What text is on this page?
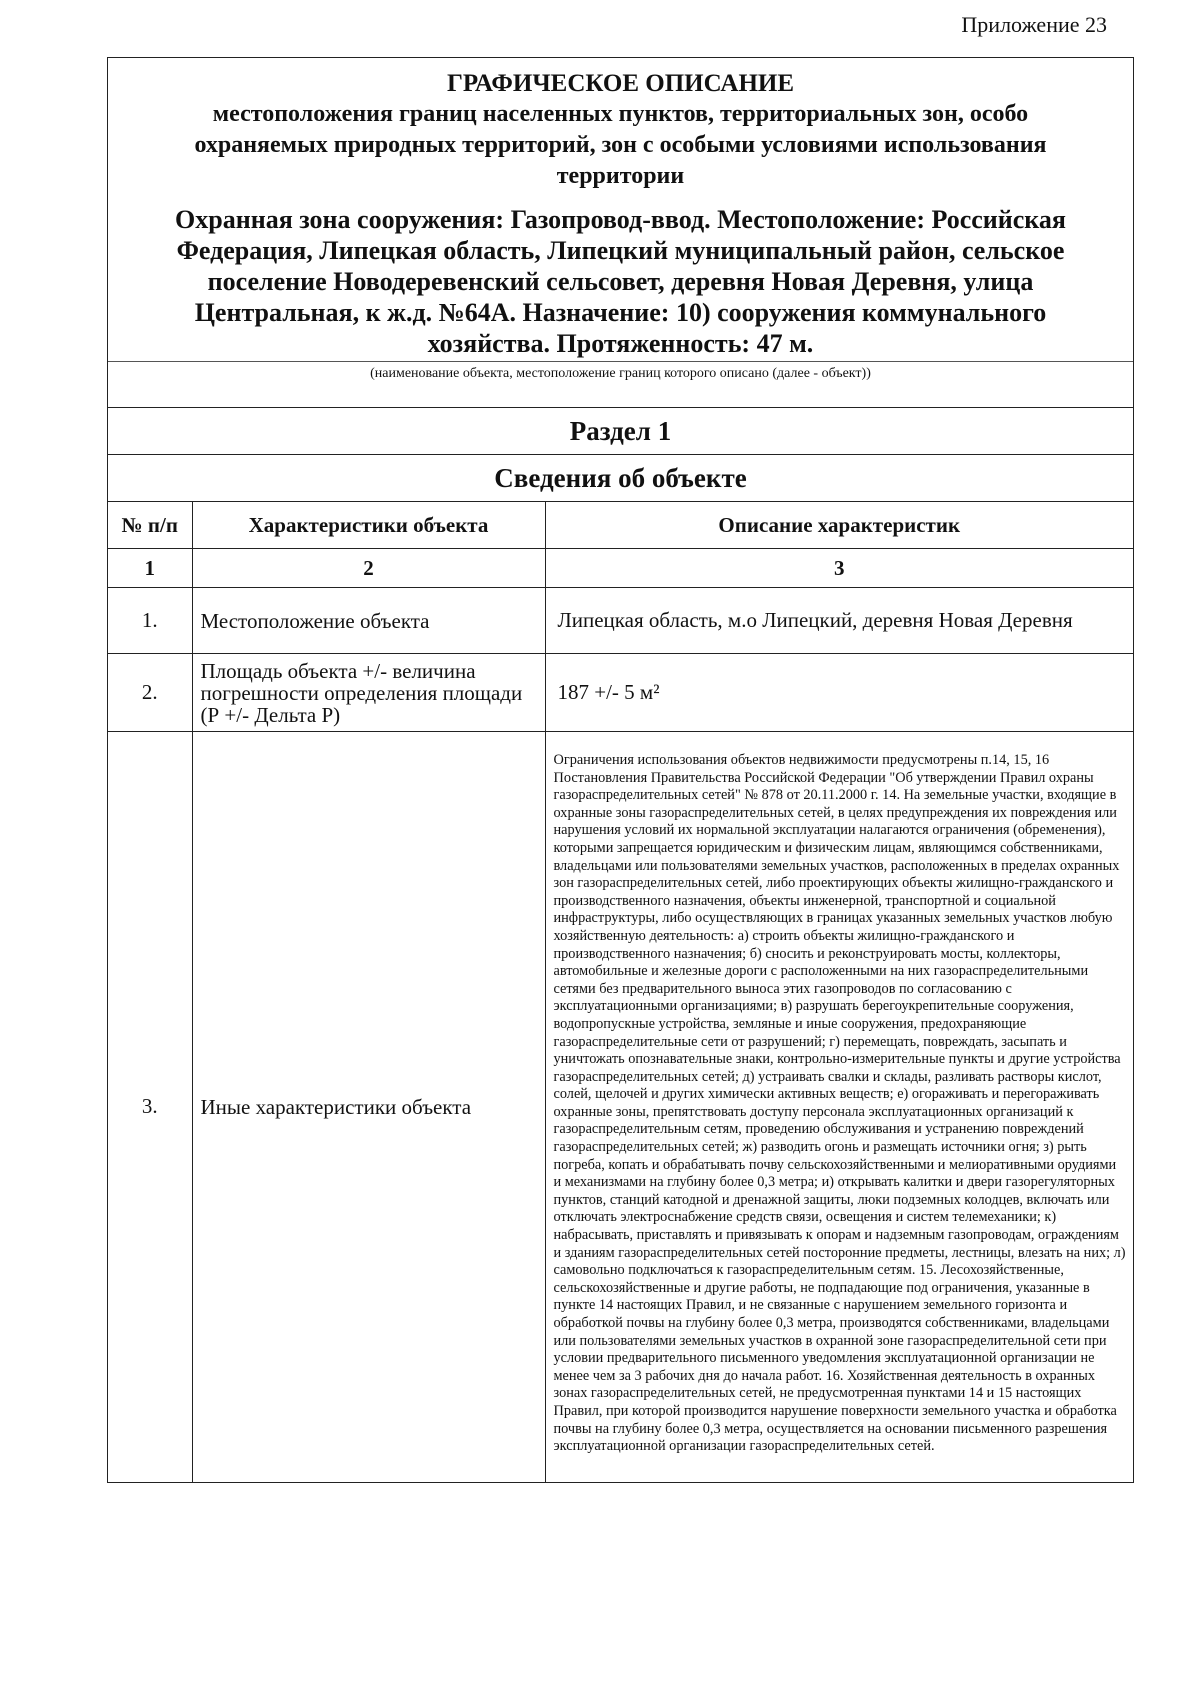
Приложение 23
ГРАФИЧЕСКОЕ ОПИСАНИЕ
местоположения границ населенных пунктов, территориальных зон, особо
охраняемых природных территорий, зон с особыми условиями использования
территории
Охранная зона сооружения: Газопровод-ввод. Местоположение: Российская
Федерация, Липецкая область, Липецкий муниципальный район, сельское
поселение Новодеревенский сельсовет, деревня Новая Деревня, улица
Центральная, к ж.д. №64А. Назначение: 10) сооружения коммунального
хозяйства. Протяженность: 47 м.
(наименование объекта, местоположение границ которого описано (далее - объект))
Раздел 1
Сведения об объекте
№ п/п	Характеристики объекта	Описание характеристик
1	2	3
1.	Местоположение объекта	Липецкая область, м.о Липецкий, деревня Новая Деревня
2.	Площадь объекта +/- величина погрешности определения площади (Р +/- Дельта Р)	187 +/- 5 м²
3.	Иные характеристики объекта	Ограничения использования объектов недвижимости предусмотрены п.14, 15, 16 Постановления Правительства Российской Федерации "Об утверждении Правил охраны газораспределительных сетей" № 878 от 20.11.2000 г. 14. На земельные участки, входящие в охранные зоны газораспределительных сетей, в целях предупреждения их повреждения или нарушения условий их нормальной эксплуатации налагаются ограничения (обременения), которыми запрещается юридическим и физическим лицам, являющимся собственниками, владельцами или пользователями земельных участков, расположенных в пределах охранных зон газораспределительных сетей, либо проектирующих объекты жилищно-гражданского и производственного назначения, объекты инженерной, транспортной и социальной инфраструктуры, либо осуществляющих в границах указанных земельных участков любую хозяйственную деятельность: а) строить объекты жилищно-гражданского и производственного назначения; б) сносить и реконструировать мосты, коллекторы, автомобильные и железные дороги с расположенными на них газораспределительными сетями без предварительного выноса этих газопроводов по согласованию с эксплуатационными организациями; в) разрушать берегоукрепительные сооружения, водопропускные устройства, земляные и иные сооружения, предохраняющие газораспределительные сети от разрушений; г) перемещать, повреждать, засыпать и уничтожать опознавательные знаки, контрольно-измерительные пункты и другие устройства газораспределительных сетей; д) устраивать свалки и склады, разливать растворы кислот, солей, щелочей и других химически активных веществ; е) огораживать и перегораживать охранные зоны, препятствовать доступу персонала эксплуатационных организаций к газораспределительным сетям, проведению обслуживания и устранению повреждений газораспределительных сетей; ж) разводить огонь и размещать источники огня; з) рыть погреба, копать и обрабатывать почву сельскохозяйственными и мелиоративными орудиями и механизмами на глубину более 0,3 метра; и) открывать калитки и двери газорегуляторных пунктов, станций катодной и дренажной защиты, люки подземных колодцев, включать или отключать электроснабжение средств связи, освещения и систем телемеханики; к) набрасывать, приставлять и привязывать к опорам и надземным газопроводам, ограждениям и зданиям газораспределительных сетей посторонние предметы, лестницы, влезать на них; л) самовольно подключаться к газораспределительным сетям. 15. Лесохозяйственные, сельскохозяйственные и другие работы, не подпадающие под ограничения, указанные в пункте 14 настоящих Правил, и не связанные с нарушением земельного горизонта и обработкой почвы на глубину более 0,3 метра, производятся собственниками, владельцами или пользователями земельных участков в охранной зоне газораспределительной сети при условии предварительного письменного уведомления эксплуатационной организации не менее чем за 3 рабочих дня до начала работ. 16. Хозяйственная деятельность в охранных зонах газораспределительных сетей, не предусмотренная пунктами 14 и 15 настоящих Правил, при которой производится нарушение поверхности земельного участка и обработка почвы на глубину более 0,3 метра, осуществляется на основании письменного разрешения эксплуатационной организации газораспределительных сетей.
